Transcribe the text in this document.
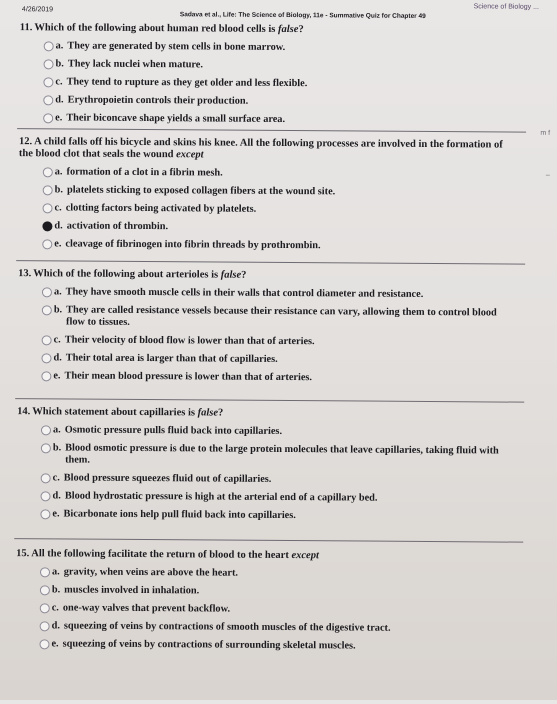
4/26/2019
Sadava et al., Life: The Science of Biology, 11e - Summative Quiz for Chapter 49
Science of Biology ...
m f
–
11. Which of the following about human red blood cells is false?
a. They are generated by stem cells in bone marrow.
b. They lack nuclei when mature.
c. They tend to rupture as they get older and less flexible.
d. Erythropoietin controls their production.
e. Their biconcave shape yields a small surface area.
12. A child falls off his bicycle and skins his knee. All the following processes are involved in the formation of the blood clot that seals the wound except
a. formation of a clot in a fibrin mesh.
b. platelets sticking to exposed collagen fibers at the wound site.
c. clotting factors being activated by platelets.
d. activation of thrombin.
e. cleavage of fibrinogen into fibrin threads by prothrombin.
13. Which of the following about arterioles is false?
a. They have smooth muscle cells in their walls that control diameter and resistance.
b. They are called resistance vessels because their resistance can vary, allowing them to control blood flow to tissues.
c. Their velocity of blood flow is lower than that of arteries.
d. Their total area is larger than that of capillaries.
e. Their mean blood pressure is lower than that of arteries.
14. Which statement about capillaries is false?
a. Osmotic pressure pulls fluid back into capillaries.
b. Blood osmotic pressure is due to the large protein molecules that leave capillaries, taking fluid with them.
c. Blood pressure squeezes fluid out of capillaries.
d. Blood hydrostatic pressure is high at the arterial end of a capillary bed.
e. Bicarbonate ions help pull fluid back into capillaries.
15. All the following facilitate the return of blood to the heart except
a. gravity, when veins are above the heart.
b. muscles involved in inhalation.
c. one-way valves that prevent backflow.
d. squeezing of veins by contractions of smooth muscles of the digestive tract.
e. squeezing of veins by contractions of surrounding skeletal muscles.
